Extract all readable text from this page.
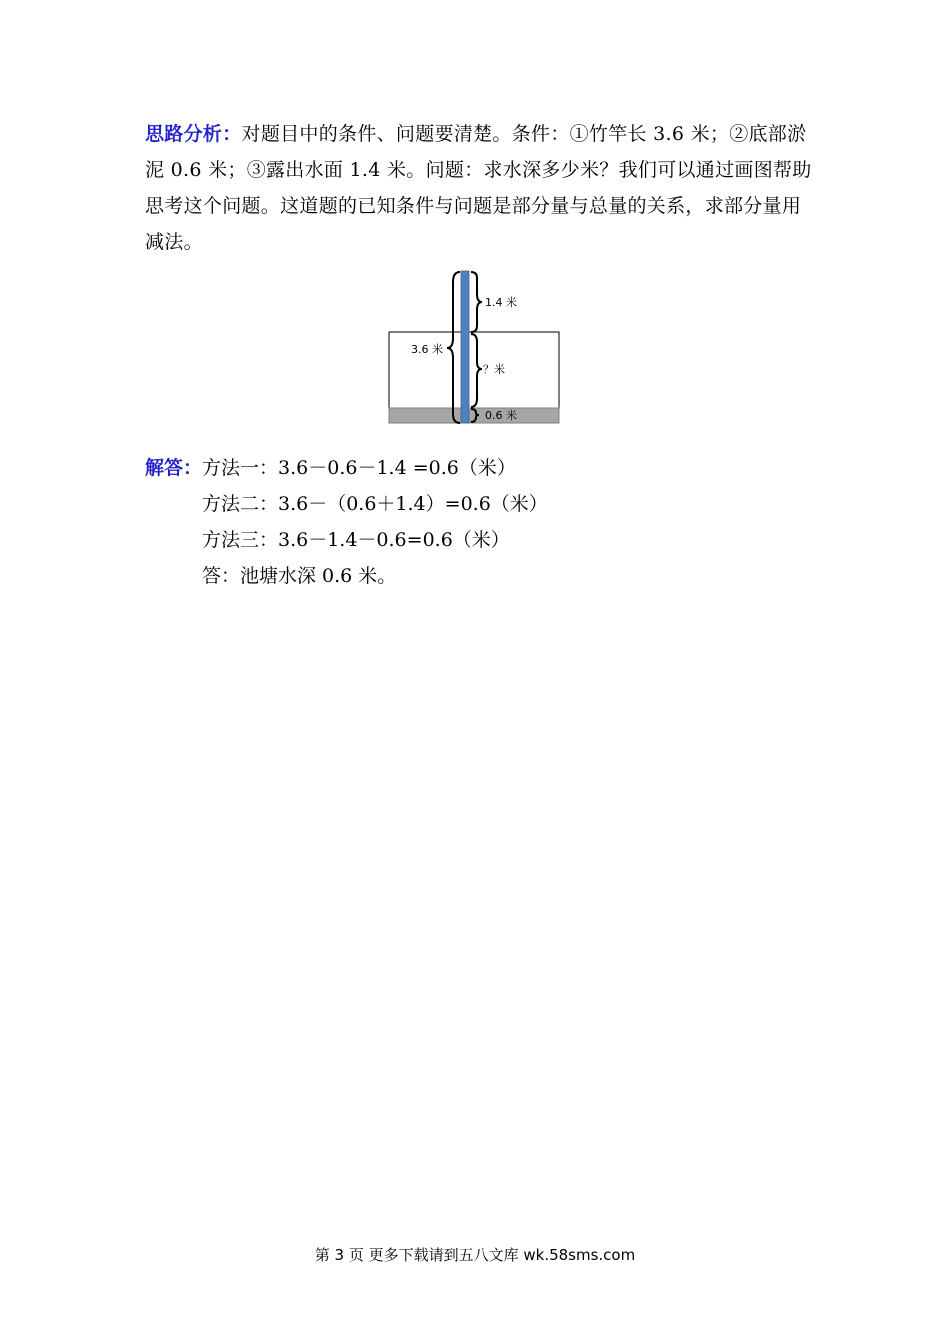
思路分析：对题目中的条件、问题要清楚。条件：①竹竿长 3.6 米；②底部淤泥 0.6 米；③露出水面 1.4 米。问题：求水深多少米？我们可以通过画图帮助思考这个问题。这道题的已知条件与问题是部分量与总量的关系，求部分量用减法。
3.6 米
1.4 米
？米
0.6 米
解答：方法一：3.6－0.6－1.4 =0.6（米）
方法二：3.6－（0.6＋1.4）=0.6（米）
方法三：3.6－1.4－0.6=0.6（米）
答：池塘水深 0.6 米。
第 3 页 更多下载请到五八文库 wk.58sms.com
